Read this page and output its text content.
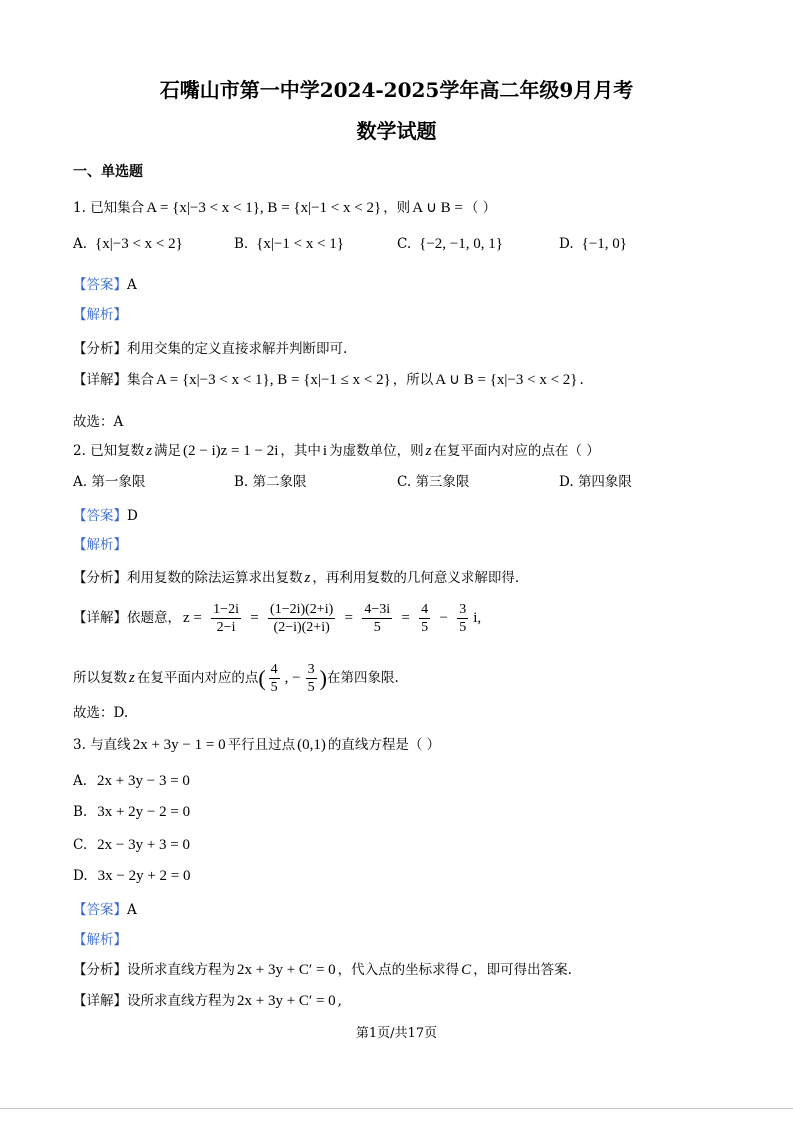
石嘴山市第一中学2024-2025学年高二年级9月月考
数学试题
一、单选题
1. 已知集合 A = {x|−3 < x < 1}, B = {x|−1 < x < 2} ，则 A ∪ B = （ ）
A. {x|−3 < x < 2}	B. {x|−1 < x < 1}	C. {−2, −1, 0, 1}	D. {−1, 0}
【答案】A
【解析】
【分析】利用交集的定义直接求解并判断即可.
【详解】集合 A = {x|−3 < x < 1}, B = {x|−1 ≤ x < 2} ，所以 A ∪ B = {x|−3 < x < 2} .
故选：A
2. 已知复数 z 满足 (2 − i)z = 1 − 2i ，其中 i 为虚数单位，则 z 在复平面内对应的点在（ ）
A. 第一象限	B. 第二象限	C. 第三象限	D. 第四象限
【答案】D
【解析】
【分析】利用复数的除法运算求出复数 z ，再利用复数的几何意义求解即得.
【详解】依题意， $z = \frac{1-2i}{2-i} = \frac{(1-2i)(2+i)}{(2-i)(2+i)} = \frac{4-3i}{5} = \frac{4}{5} - \frac{3}{5} i$,
所以复数 z 在复平面内对应的点( $\frac{4}{5}$ , − $\frac{3}{5}$ )在第四象限.
故选：D.
3. 与直线 2x + 3y − 1 = 0 平行且过点 (0,1) 的直线方程是（ ）
A. 2x + 3y − 3 = 0
B. 3x + 2y − 2 = 0
C. 2x − 3y + 3 = 0
D. 3x − 2y + 2 = 0
【答案】A
【解析】
【分析】设所求直线方程为 2x + 3y + C′ = 0 ，代入点的坐标求得 C ，即可得出答案.
【详解】设所求直线方程为 2x + 3y + C′ = 0 ,
第1页/共17页
